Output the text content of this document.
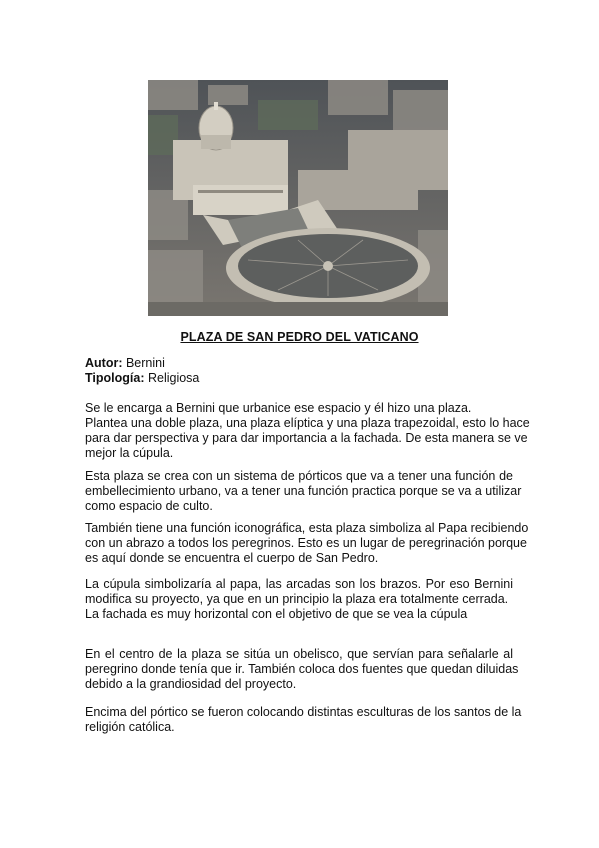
PLAZA DE SAN PEDRO DEL VATICANO
Autor: Bernini
Tipología: Religiosa
Se le encarga a Bernini que urbanice ese espacio y él hizo una plaza.
Plantea una doble plaza, una plaza elíptica y una plaza trapezoidal, esto lo hace
para dar perspectiva y para dar importancia a la fachada. De esta manera se ve
mejor la cúpula.
Esta plaza se crea con un sistema de pórticos que va a tener una función de
embellecimiento urbano, va a tener una función practica porque se va a utilizar
como espacio de culto.
También tiene una función iconográfica, esta plaza simboliza al Papa recibiendo
con un abrazo a todos los peregrinos. Esto es un lugar de peregrinación porque
es aquí donde se encuentra el cuerpo de San Pedro.
La cúpula simbolizaría al papa, las arcadas son los brazos. Por eso Bernini
modifica su proyecto, ya que en un principio la plaza era totalmente cerrada.
La fachada es muy horizontal con el objetivo de que se vea la cúpula
En el centro de la plaza se sitúa un obelisco, que servían para señalarle al
peregrino donde tenía que ir. También coloca dos fuentes que quedan diluidas
debido a la grandiosidad del proyecto.
Encima del pórtico se fueron colocando distintas esculturas de los santos de la
religión católica.
